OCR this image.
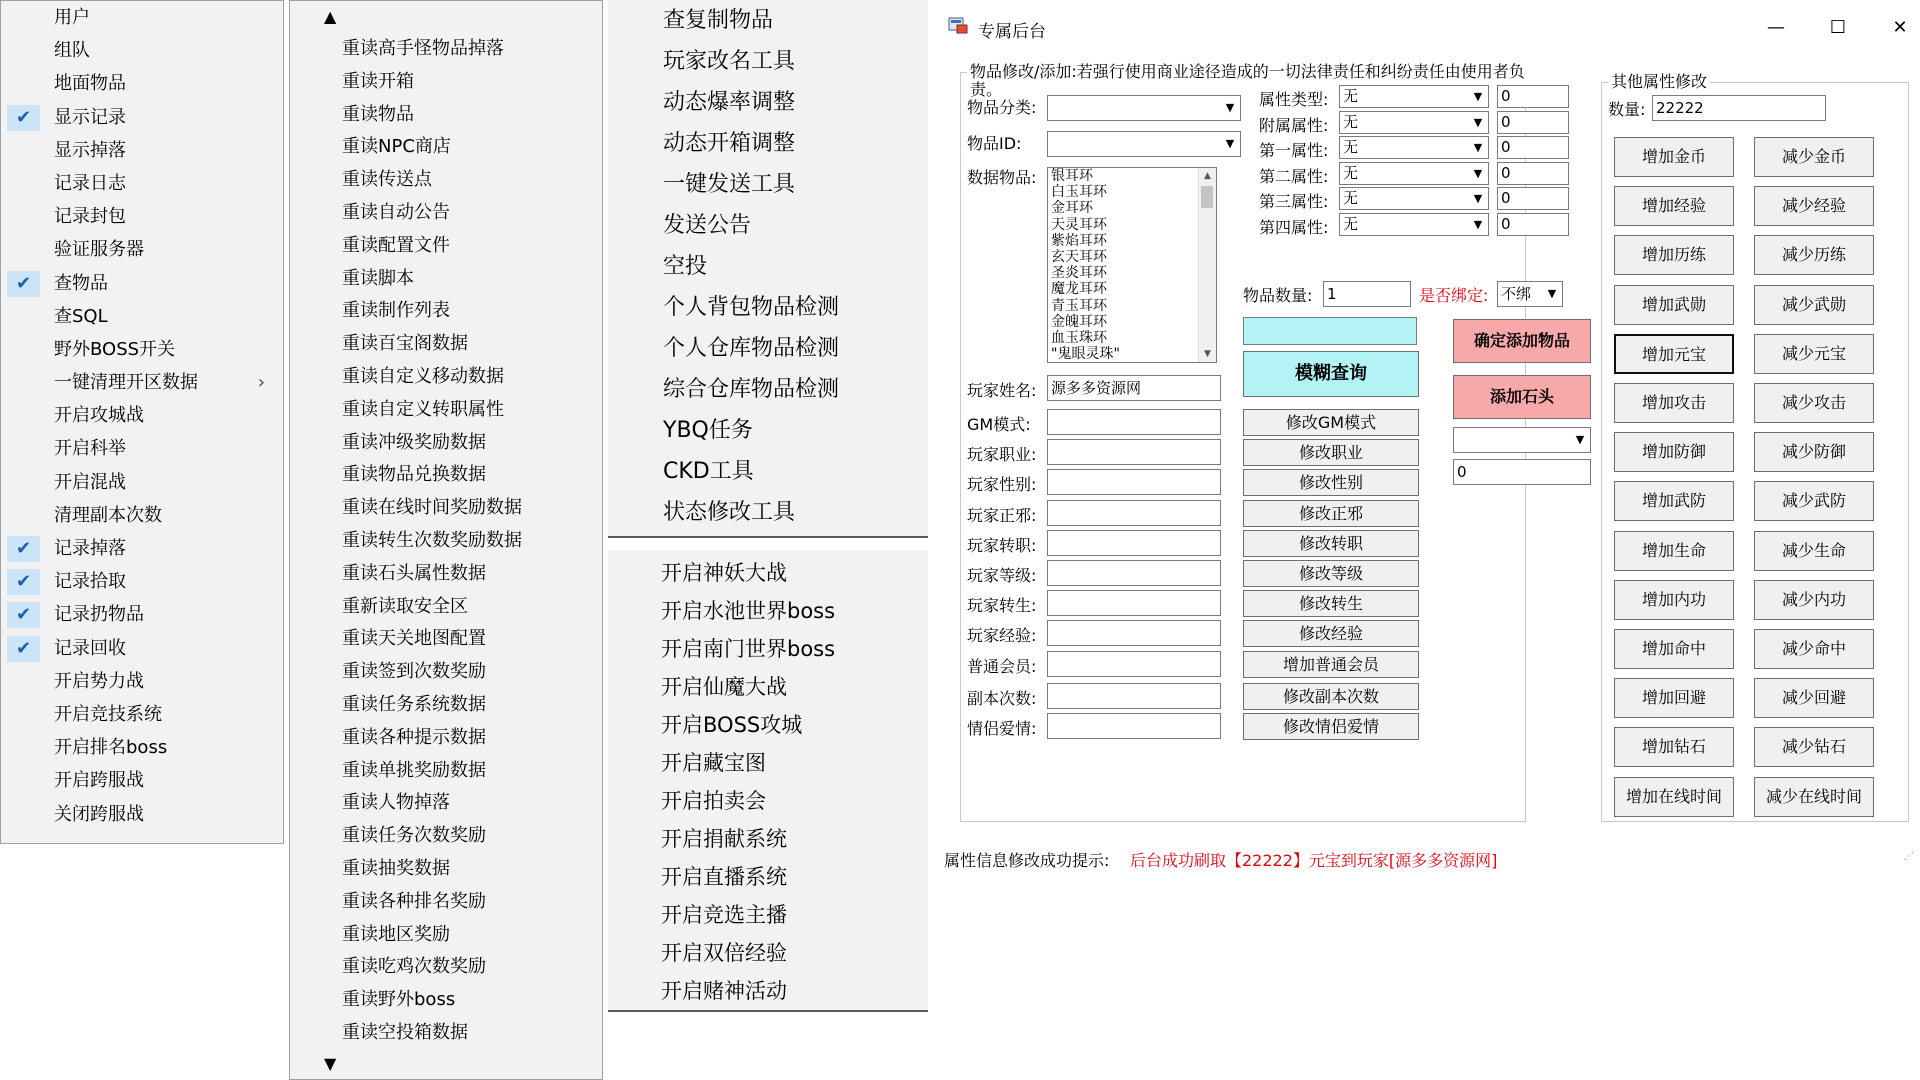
用户
组队
地面物品
✔	显示记录
显示掉落
记录日志
记录封包
验证服务器
✔	查物品
查SQL
野外BOSS开关
一键清理开区数据	›
开启攻城战
开启科举
开启混战
清理副本次数
✔	记录掉落
✔	记录拾取
✔	记录扔物品
✔	记录回收
开启势力战
开启竞技系统
开启排名boss
开启跨服战
关闭跨服战
▲
重读高手怪物品掉落
重读开箱
重读物品
重读NPC商店
重读传送点
重读自动公告
重读配置文件
重读脚本
重读制作列表
重读百宝阁数据
重读自定义移动数据
重读自定义转职属性
重读冲级奖励数据
重读物品兑换数据
重读在线时间奖励数据
重读转生次数奖励数据
重读石头属性数据
重新读取安全区
重读天关地图配置
重读签到次数奖励
重读任务系统数据
重读各种提示数据
重读单挑奖励数据
重读人物掉落
重读任务次数奖励
重读抽奖数据
重读各种排名奖励
重读地区奖励
重读吃鸡次数奖励
重读野外boss
重读空投箱数据
▼
查复制物品
玩家改名工具
动态爆率调整
动态开箱调整
一键发送工具
发送公告
空投
个人背包物品检测
个人仓库物品检测
综合仓库物品检测
YBQ任务
CKD工具
状态修改工具
开启神妖大战
开启水池世界boss
开启南门世界boss
开启仙魔大战
开启BOSS攻城
开启藏宝图
开启拍卖会
开启捐献系统
开启直播系统
开启竞选主播
开启双倍经验
开启赌神活动
专属后台	—	☐	✕
物品修改/添加:若强行使用商业途径造成的一切法律责任和纠纷责任由使用者负责。
物品分类:	▼
物品ID:	▼
数据物品: 银耳环
白玉耳环
金耳环
天灵耳环
紫焰耳环
玄天耳环
圣炎耳环
魔龙耳环
青玉耳环
金魄耳环
血玉珠环
"鬼眼灵珠"
▲
▼
属性类型: 无	▼	0
附属属性: 无	▼	0
第一属性: 无	▼	0
第二属性: 无	▼	0
第三属性: 无	▼	0
第四属性: 无	▼	0
物品数量: 1	是否绑定: 不绑	▼
模糊查询
确定添加物品
添加石头
▼
0
玩家姓名: 源多多资源网
GM模式:	修改GM模式
玩家职业:	修改职业
玩家性别:	修改性别
玩家正邪:	修改正邪
玩家转职:	修改转职
玩家等级:	修改等级
玩家转生:	修改转生
玩家经验:	修改经验
普通会员:	增加普通会员
副本次数:	修改副本次数
情侣爱情:	修改情侣爱情
其他属性修改
数量: 22222
增加金币	减少金币
增加经验	减少经验
增加历练	减少历练
增加武勋	减少武勋
增加元宝	减少元宝
增加攻击	减少攻击
增加防御	减少防御
增加武防	减少武防
增加生命	减少生命
增加内功	减少内功
增加命中	减少命中
增加回避	减少回避
增加钻石	减少钻石
增加在线时间	减少在线时间
属性信息修改成功提示: 后台成功刷取【22222】元宝到玩家[源多多资源网]	⋰
